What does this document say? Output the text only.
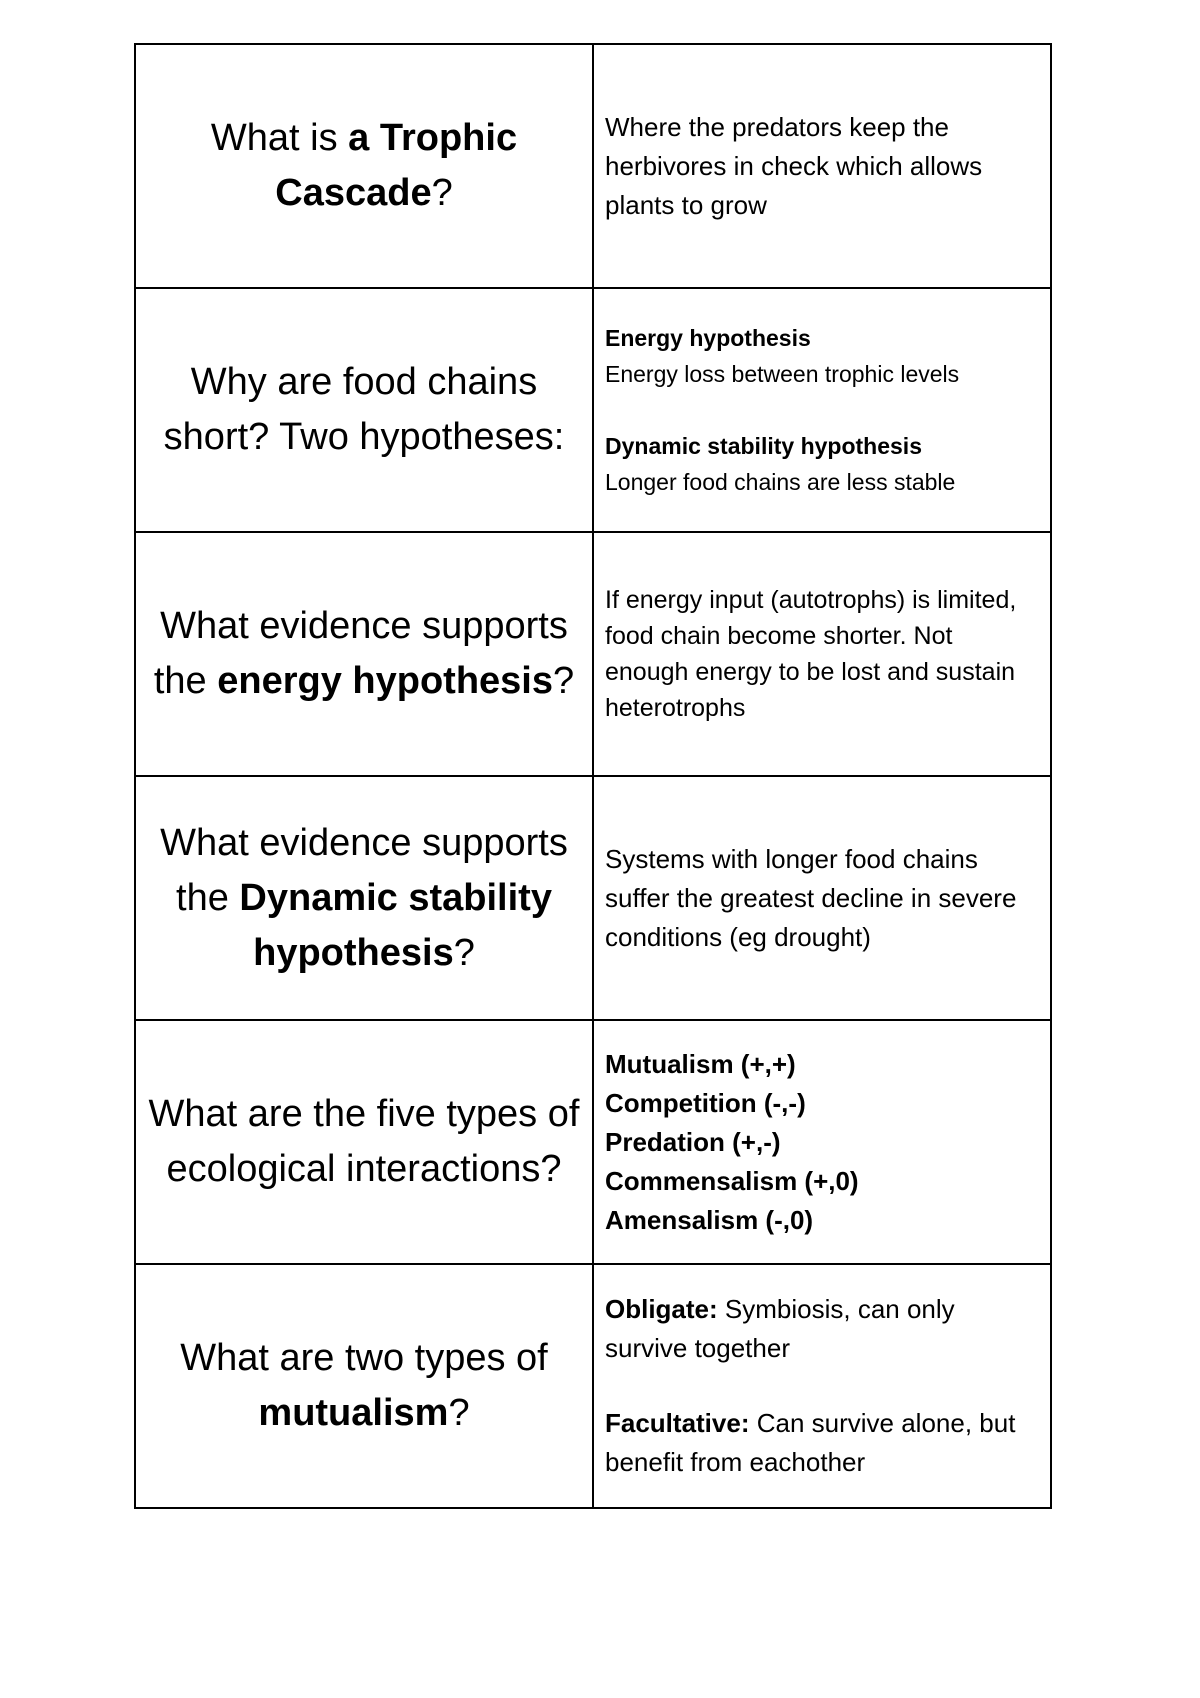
What is a Trophic Cascade?	Where the predators keep the herbivores in check which allows plants to grow
Why are food chains short? Two hypotheses:	Energy hypothesis
Energy loss between trophic levels
Dynamic stability hypothesis
Longer food chains are less stable
What evidence supports the energy hypothesis?	If energy input (autotrophs) is limited, food chain become shorter. Not enough energy to be lost and sustain heterotrophs
What evidence supports the Dynamic stability hypothesis?	Systems with longer food chains suffer the greatest decline in severe conditions (eg drought)
What are the five types of ecological interactions?	Mutualism (+,+)
Competition (-,-)
Predation (+,-)
Commensalism (+,0)
Amensalism (-,0)
What are two types of mutualism?	Obligate: Symbiosis, can only survive together
Facultative: Can survive alone, but benefit from eachother
